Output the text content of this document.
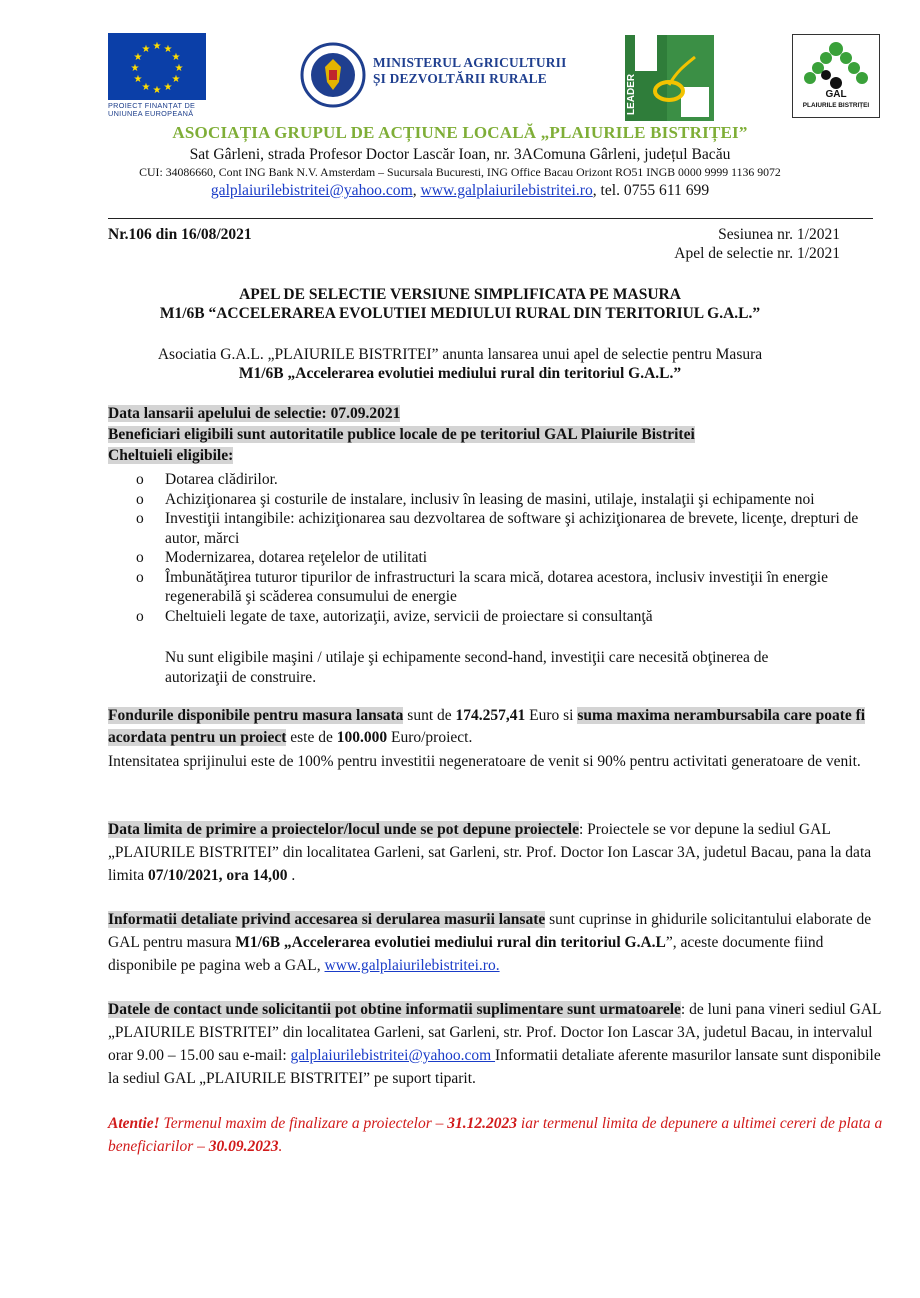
★ ★
★
★
★
★
★
★
★
★
★
★
PROIECT FINANȚAT DE UNIUNEA EUROPEANĂ
MINISTERUL AGRICULTURII
ȘI DEZVOLTĂRII RURALE	LEADER	GAL
PLAIURILE BISTRIȚEI
ASOCIAȚIA GRUPUL DE ACȚIUNE LOCALĂ „PLAIURILE BISTRIȚEI”
Sat Gârleni, strada Profesor Doctor Lascăr Ioan, nr. 3AComuna Gârleni, județul Bacău
CUI: 34086660, Cont ING Bank N.V. Amsterdam – Sucursala Bucuresti, ING Office Bacau Orizont RO51 INGB 0000 9999 1136 9072
galplaiurilebistritei@yahoo.com, www.galplaiurilebistritei.ro, tel. 0755 611 699
Nr.106 din 16/08/2021	Sesiunea nr. 1/2021
Apel de selectie nr. 1/2021
APEL DE SELECTIE VERSIUNE SIMPLIFICATA PE MASURA
M1/6B “ACCELERAREA EVOLUTIEI MEDIULUI RURAL DIN TERITORIUL G.A.L.”
Asociatia G.A.L. „PLAIURILE BISTRITEI” anunta lansarea unui apel de selectie pentru Masura
M1/6B „Accelerarea evolutiei mediului rural din teritoriul G.A.L.”
Data lansarii apelului de selectie: 07.09.2021
Beneficiari eligibili sunt autoritatile publice locale de pe teritoriul GAL Plaiurile Bistritei
Cheltuieli eligibile:
o Dotarea clădirilor.
o Achiziţionarea şi costurile de instalare, inclusiv în leasing de masini, utilaje, instalaţii şi echipamente noi
o Investiţii intangibile: achiziţionarea sau dezvoltarea de software şi achiziţionarea de brevete, licenţe, drepturi de autor, mărci
o Modernizarea, dotarea reţelelor de utilitati
o Îmbunătăţirea tuturor tipurilor de infrastructuri la scara mică, dotarea acestora, inclusiv investiţii în energie regenerabilă şi scăderea consumului de energie
o Cheltuieli legate de taxe, autorizaţii, avize, servicii de proiectare si consultanţă
Nu sunt eligibile maşini / utilaje şi echipamente second-hand, investiţii care necesită obţinerea de autorizaţii de construire.
Fondurile disponibile pentru masura lansata sunt de 174.257,41 Euro si suma maxima nerambursabila care poate fi acordata pentru un proiect este de 100.000 Euro/proiect.
Intensitatea sprijinului este de 100% pentru investitii negeneratoare de venit si 90% pentru activitati generatoare de venit.
Data limita de primire a proiectelor/locul unde se pot depune proiectele: Proiectele se vor depune la sediul GAL „PLAIURILE BISTRITEI” din localitatea Garleni, sat Garleni, str. Prof. Doctor Ion Lascar 3A, judetul Bacau, pana la data limita 07/10/2021, ora 14,00 .
Informatii detaliate privind accesarea si derularea masurii lansate sunt cuprinse in ghidurile solicitantului elaborate de GAL pentru masura M1/6B „Accelerarea evolutiei mediului rural din teritoriul G.A.L”, aceste documente fiind disponibile pe pagina web a GAL, www.galplaiurilebistritei.ro.
Datele de contact unde solicitantii pot obtine informatii suplimentare sunt urmatoarele: de luni pana vineri sediul GAL „PLAIURILE BISTRITEI” din localitatea Garleni, sat Garleni, str. Prof. Doctor Ion Lascar 3A, judetul Bacau, in intervalul orar 9.00 – 15.00 sau e-mail: galplaiurilebistritei@yahoo.com Informatii detaliate aferente masurilor lansate sunt disponibile la sediul GAL „PLAIURILE BISTRITEI” pe suport tiparit.
Atentie! Termenul maxim de finalizare a proiectelor – 31.12.2023 iar termenul limita de depunere a ultimei cereri de plata a beneficiarilor – 30.09.2023.
